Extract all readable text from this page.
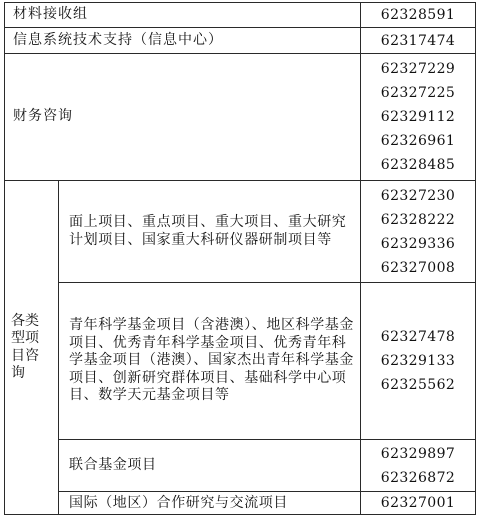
材料接收组		62328591

信息系统技术支持（信息中心）		62317474

财务咨询		62327229
62327225
62329112
62326961
62328485

各类
型项
目咨
询	面上项目、重点项目、重大项目、重大研究计划项目、国家重大科研仪器研制项目等	62327230
62328222
62329336
62327008

	青年科学基金项目（含港澳）、地区科学基金项目、优秀青年科学基金项目、优秀青年科学基金项目（港澳）、国家杰出青年科学基金项目、创新研究群体项目、基础科学中心项目、数学天元基金项目等	62327478
62329133
62325562

	联合基金项目	62329897
62326872

	国际（地区）合作研究与交流项目	62327001
